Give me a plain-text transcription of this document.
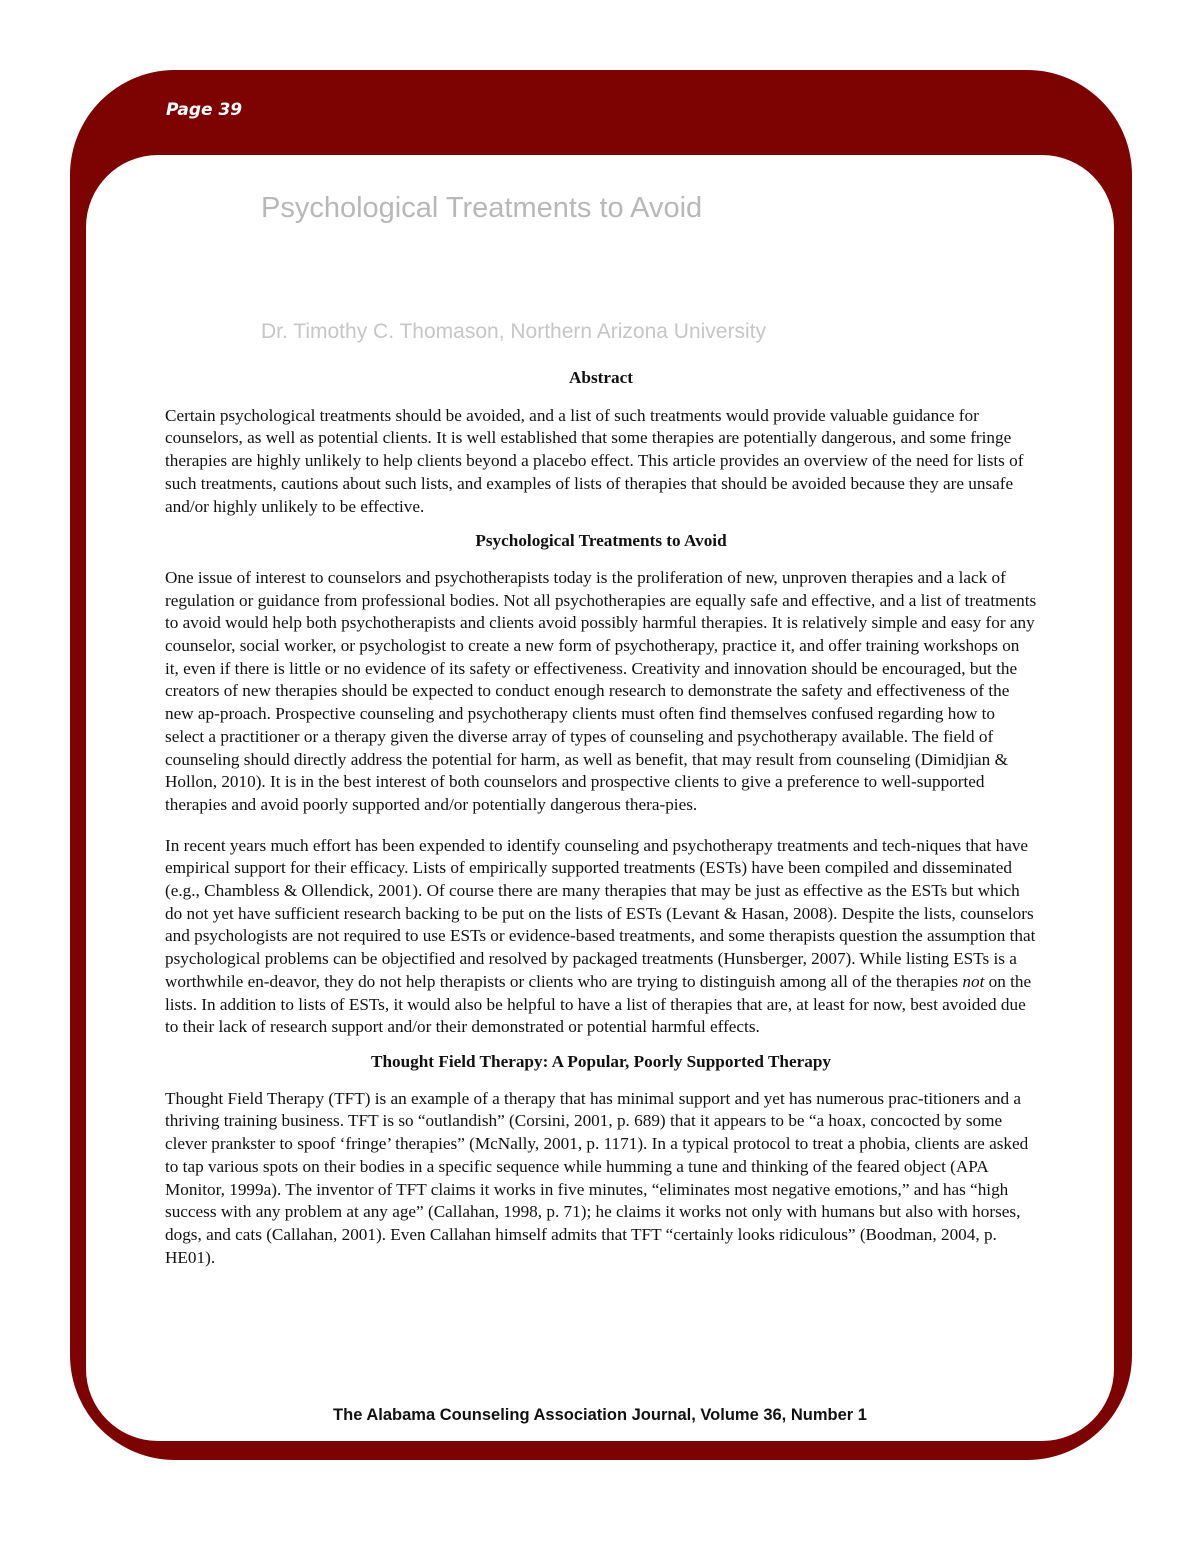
Page 39

Psychological Treatments to Avoid

Dr. Timothy C. Thomason, Northern Arizona University

Abstract

Certain psychological treatments should be avoided, and a list of such treatments would provide valuable guidance for counselors, as well as potential clients. It is well established that some therapies are potentially dangerous, and some fringe therapies are highly unlikely to help clients beyond a placebo effect. This article provides an overview of the need for lists of such treatments, cautions about such lists, and examples of lists of therapies that should be avoided because they are unsafe and/or highly unlikely to be effective.

Psychological Treatments to Avoid

One issue of interest to counselors and psychotherapists today is the proliferation of new, unproven therapies and a lack of regulation or guidance from professional bodies. Not all psychotherapies are equally safe and effective, and a list of treatments to avoid would help both psychotherapists and clients avoid possibly harmful therapies. It is relatively simple and easy for any counselor, social worker, or psychologist to create a new form of psychotherapy, practice it, and offer training workshops on it, even if there is little or no evidence of its safety or effectiveness. Creativity and innovation should be encouraged, but the creators of new therapies should be expected to conduct enough research to demonstrate the safety and effectiveness of the new ap-proach. Prospective counseling and psychotherapy clients must often find themselves confused regarding how to select a practitioner or a therapy given the diverse array of types of counseling and psychotherapy available. The field of counseling should directly address the potential for harm, as well as benefit, that may result from counseling (Dimidjian & Hollon, 2010). It is in the best interest of both counselors and prospective clients to give a preference to well-supported therapies and avoid poorly supported and/or potentially dangerous thera-pies.

In recent years much effort has been expended to identify counseling and psychotherapy treatments and tech-niques that have empirical support for their efficacy. Lists of empirically supported treatments (ESTs) have been compiled and disseminated (e.g., Chambless & Ollendick, 2001). Of course there are many therapies that may be just as effective as the ESTs but which do not yet have sufficient research backing to be put on the lists of ESTs (Levant & Hasan, 2008). Despite the lists, counselors and psychologists are not required to use ESTs or evidence-based treatments, and some therapists question the assumption that psychological problems can be objectified and resolved by packaged treatments (Hunsberger, 2007). While listing ESTs is a worthwhile en-deavor, they do not help therapists or clients who are trying to distinguish among all of the therapies not on the lists. In addition to lists of ESTs, it would also be helpful to have a list of therapies that are, at least for now, best avoided due to their lack of research support and/or their demonstrated or potential harmful effects.

Thought Field Therapy: A Popular, Poorly Supported Therapy

Thought Field Therapy (TFT) is an example of a therapy that has minimal support and yet has numerous prac-titioners and a thriving training business. TFT is so “outlandish” (Corsini, 2001, p. 689) that it appears to be “a hoax, concocted by some clever prankster to spoof ‘fringe’ therapies” (McNally, 2001, p. 1171). In a typical protocol to treat a phobia, clients are asked to tap various spots on their bodies in a specific sequence while humming a tune and thinking of the feared object (APA Monitor, 1999a). The inventor of TFT claims it works in five minutes, “eliminates most negative emotions,” and has “high success with any problem at any age” (Callahan, 1998, p. 71); he claims it works not only with humans but also with horses, dogs, and cats (Callahan, 2001). Even Callahan himself admits that TFT “certainly looks ridiculous” (Boodman, 2004, p. HE01).

The Alabama Counseling Association Journal, Volume 36, Number 1
